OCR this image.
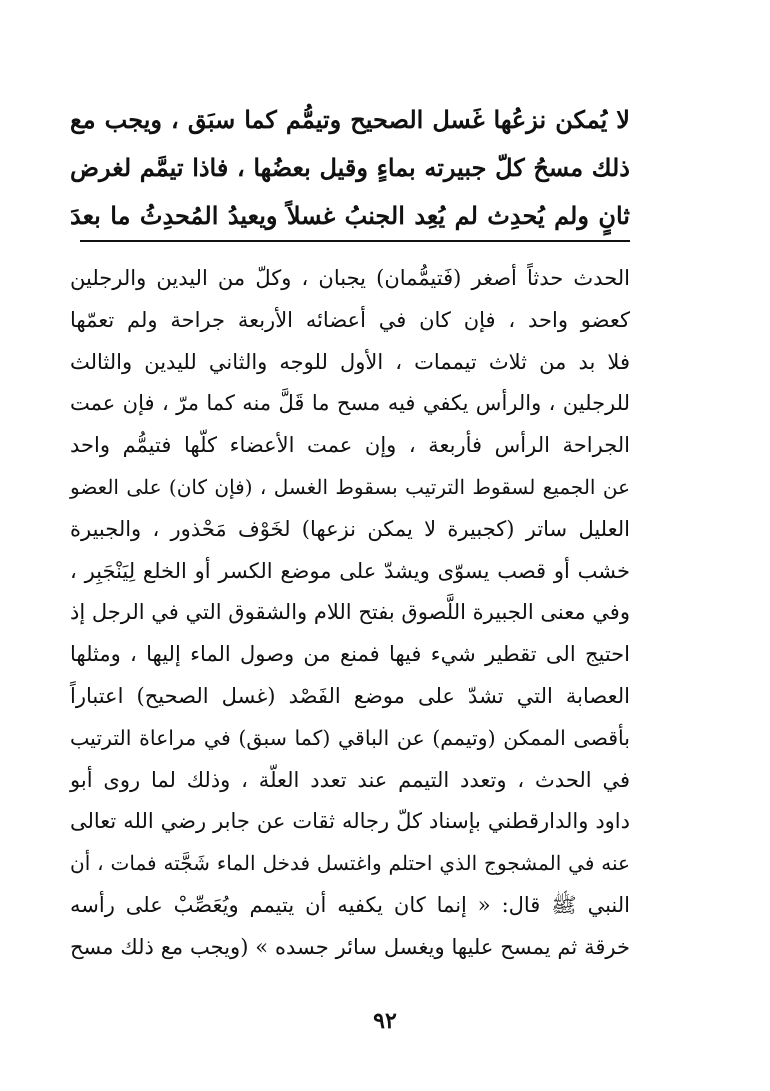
لا يُمكن نزعُها غَسل الصحيح وتيمُّم كما سبَق ، ويجب مع
ذلك مسحُ كلّ جبيرته بماءٍ وقيل بعضُها ، فاذا تيمَّم لغرض
ثانٍ ولم يُحدِث لم يُعِد الجنبُ غسلاً ويعيدُ المُحدِثُ ما بعدَ
الحدث حدثاً أصغر (فَتيمُّمان) يجبان ، وكلّ من اليدين والرجلين
كعضو واحد ، فإن كان في أعضائه الأربعة جراحة ولم تعمّها
فلا بد من ثلاث تيممات ، الأول للوجه والثاني لليدين والثالث
للرجلين ، والرأس يكفي فيه مسح ما قَلَّ منه كما مرّ ، فإن عمت
الجراحة الرأس فأربعة ، وإن عمت الأعضاء كلّها فتيمُّم واحد
عن الجميع لسقوط الترتيب بسقوط الغسل ، (فإن كان) على العضو
العليل ساتر (كجبيرة لا يمكن نزعها) لخَوْف مَحْذور ، والجبيرة
خشب أو قصب يسوّى ويشدّ على موضع الكسر أو الخلع لِيَنْجَبِر ،
وفي معنى الجبيرة اللَّصوق بفتح اللام والشقوق التي في الرجل إذ
احتيج الى تقطير شيء فيها فمنع من وصول الماء إليها ، ومثلها
العصابة التي تشدّ على موضع الفَصْد (غسل الصحيح) اعتباراً
بأقصى الممكن (وتيمم) عن الباقي (كما سبق) في مراعاة الترتيب
في الحدث ، وتعدد التيمم عند تعدد العلّة ، وذلك لما روى أبو
داود والدارقطني بإسناد كلّ رجاله ثقات عن جابر رضي الله تعالى
عنه في المشجوج الذي احتلم واغتسل فدخل الماء شَجَّته فمات ، أن
النبي ﷺ قال: « إنما كان يكفيه أن يتيمم ويُعَصِّبْ على رأسه
خرقة ثم يمسح عليها ويغسل سائر جسده » (ويجب مع ذلك مسح
٩٢
